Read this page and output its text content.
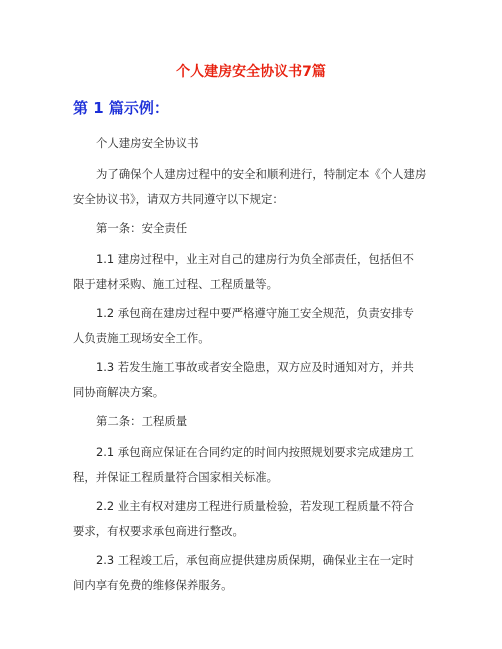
个人建房安全协议书7篇
第 1 篇示例：
个人建房安全协议书
为了确保个人建房过程中的安全和顺利进行，特制定本《个人建房
安全协议书》，请双方共同遵守以下规定：
第一条：安全责任
1.1 建房过程中，业主对自己的建房行为负全部责任，包括但不
限于建材采购、施工过程、工程质量等。
1.2 承包商在建房过程中要严格遵守施工安全规范，负责安排专
人负责施工现场安全工作。
1.3 若发生施工事故或者安全隐患，双方应及时通知对方，并共
同协商解决方案。
第二条：工程质量
2.1 承包商应保证在合同约定的时间内按照规划要求完成建房工
程，并保证工程质量符合国家相关标准。
2.2 业主有权对建房工程进行质量检验，若发现工程质量不符合
要求，有权要求承包商进行整改。
2.3 工程竣工后，承包商应提供建房质保期，确保业主在一定时
间内享有免费的维修保养服务。
